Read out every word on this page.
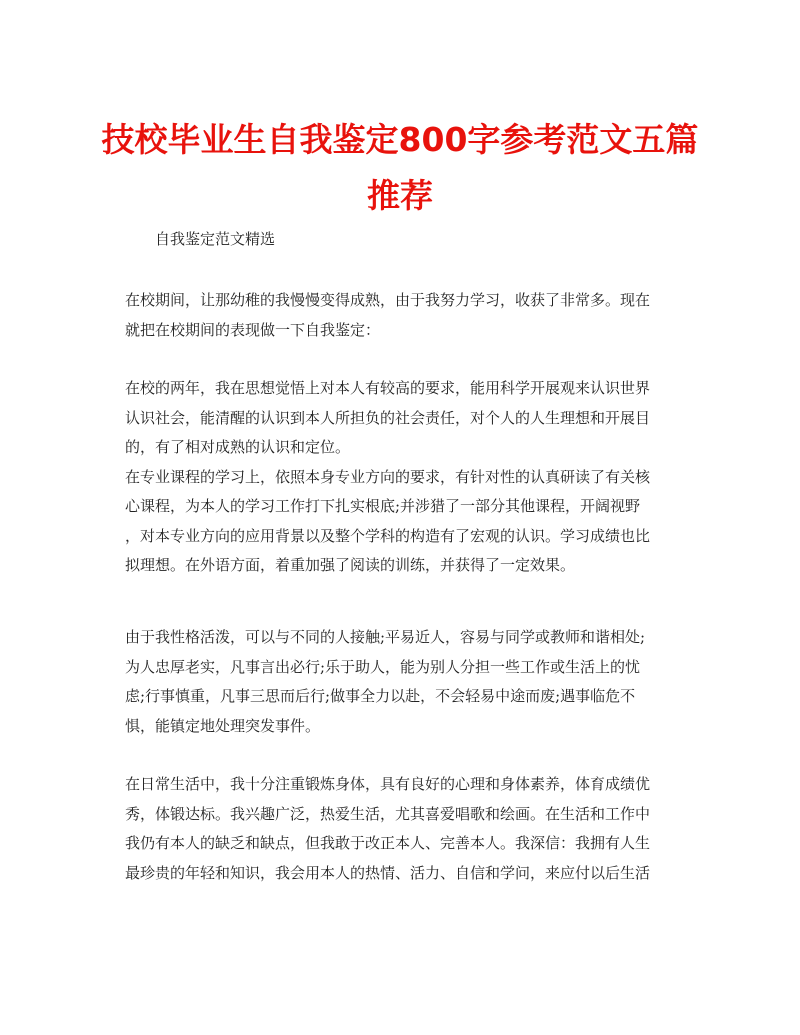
技校毕业生自我鉴定800字参考范文五篇
推荐
自我鉴定范文精选
在校期间，让那幼稚的我慢慢变得成熟，由于我努力学习，收获了非常多。现在
就把在校期间的表现做一下自我鉴定：
在校的两年，我在思想觉悟上对本人有较高的要求，能用科学开展观来认识世界
认识社会，能清醒的认识到本人所担负的社会责任，对个人的人生理想和开展目
的，有了相对成熟的认识和定位。
在专业课程的学习上，依照本身专业方向的要求，有针对性的认真研读了有关核
心课程，为本人的学习工作打下扎实根底;并涉猎了一部分其他课程，开阔视野
，对本专业方向的应用背景以及整个学科的构造有了宏观的认识。学习成绩也比
拟理想。在外语方面，着重加强了阅读的训练，并获得了一定效果。
由于我性格活泼，可以与不同的人接触;平易近人，容易与同学或教师和谐相处;
为人忠厚老实，凡事言出必行;乐于助人，能为别人分担一些工作或生活上的忧
虑;行事慎重，凡事三思而后行;做事全力以赴，不会轻易中途而废;遇事临危不
惧，能镇定地处理突发事件。
在日常生活中，我十分注重锻炼身体，具有良好的心理和身体素养，体育成绩优
秀，体锻达标。我兴趣广泛，热爱生活，尤其喜爱唱歌和绘画。在生活和工作中
我仍有本人的缺乏和缺点，但我敢于改正本人、完善本人。我深信：我拥有人生
最珍贵的年轻和知识，我会用本人的热情、活力、自信和学问，来应付以后生活
